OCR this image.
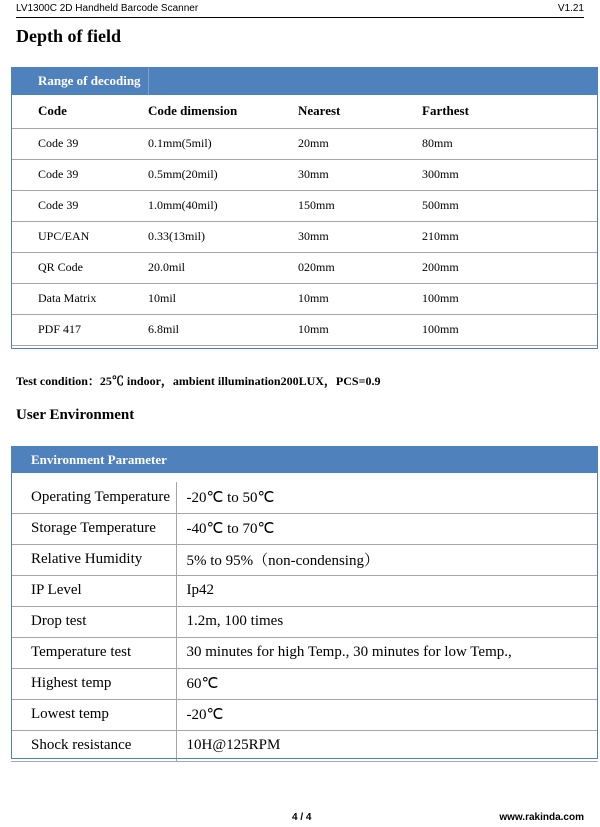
LV1300C 2D Handheld Barcode Scanner	V1.21
Depth of field
Range of decoding			
Code	Code dimension	Nearest	Farthest
Code 39	0.1mm(5mil)	20mm	80mm
Code 39	0.5mm(20mil)	30mm	300mm
Code 39	1.0mm(40mil)	150mm	500mm
UPC/EAN	0.33(13mil)	30mm	210mm
QR Code	20.0mil	020mm	200mm
Data Matrix	10mil	10mm	100mm
PDF 417	6.8mil	10mm	100mm
Test condition：25℃ indoor，ambient illumination200LUX，PCS=0.9
User Environment
Environment Parameter	

Operating Temperature	-20℃ to 50℃
Storage Temperature	-40℃ to 70℃
Relative Humidity	5% to 95%（non-condensing）
IP Level	Ip42
Drop test	1.2m, 100 times
Temperature test	30 minutes for high Temp., 30 minutes for low Temp.,
Highest temp	60℃
Lowest temp	-20℃
Shock resistance	10H@125RPM
4 / 4	www.rakinda.com
